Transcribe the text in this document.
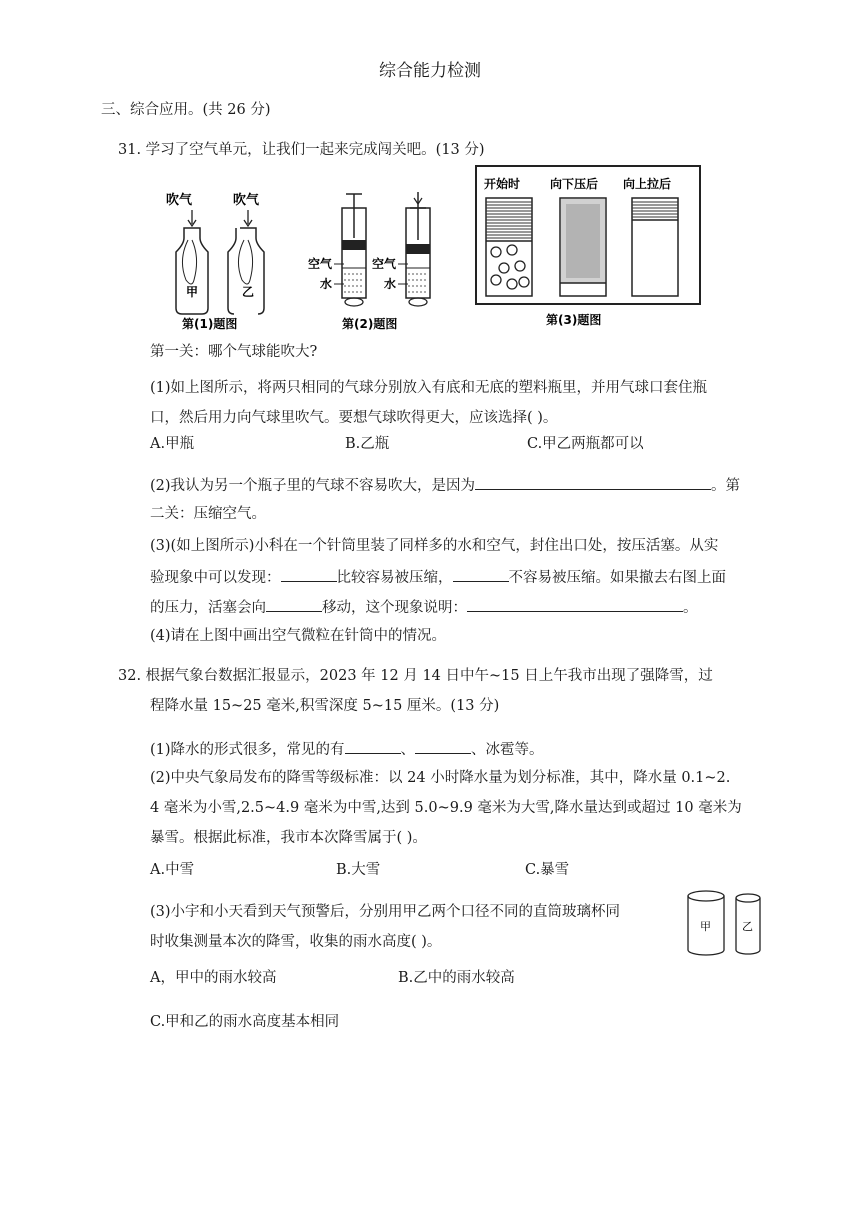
综合能力检测
三、综合应用。(共 26 分)
31. 学习了空气单元，让我们一起来完成闯关吧。(13 分)
吹气	吹气
甲	乙
第(1)题图
空气
水
空气
水
第(2)题图
开始时 向下压后 向上拉后
第(3)题图
第一关：哪个气球能吹大?
(1)如上图所示，将两只相同的气球分别放入有底和无底的塑料瓶里，并用气球口套住瓶
口，然后用力向气球里吹气。要想气球吹得更大，应该选择( )。
A.甲瓶	B.乙瓶	C.甲乙两瓶都可以
(2)我认为另一个瓶子里的气球不容易吹大，是因为	。第
二关：压缩空气。
(3)(如上图所示)小科在一个针筒里装了同样多的水和空气，封住出口处，按压活塞。从实
验现象中可以发现：	比较容易被压缩，	不容易被压缩。如果撤去右图上面
的压力，活塞会向	移动，这个现象说明：	。
(4)请在上图中画出空气微粒在针筒中的情况。
32. 根据气象台数据汇报显示，2023 年 12 月 14 日中午~15 日上午我市出现了强降雪，过
程降水量 15~25 毫米,积雪深度 5~15 厘米。(13 分)
(1)降水的形式很多，常见的有	、	、冰雹等。
(2)中央气象局发布的降雪等级标准：以 24 小时降水量为划分标准，其中，降水量 0.1~2.
4 毫米为小雪,2.5~4.9 毫米为中雪,达到 5.0~9.9 毫米为大雪,降水量达到或超过 10 毫米为
暴雪。根据此标准，我市本次降雪属于( )。
A.中雪	B.大雪	C.暴雪
(3)小宇和小天看到天气预警后，分别用甲乙两个口径不同的直筒玻璃杯同
时收集测量本次的降雪，收集的雨水高度( )。
甲	乙
A，甲中的雨水较高	B.乙中的雨水较高
C.甲和乙的雨水高度基本相同
